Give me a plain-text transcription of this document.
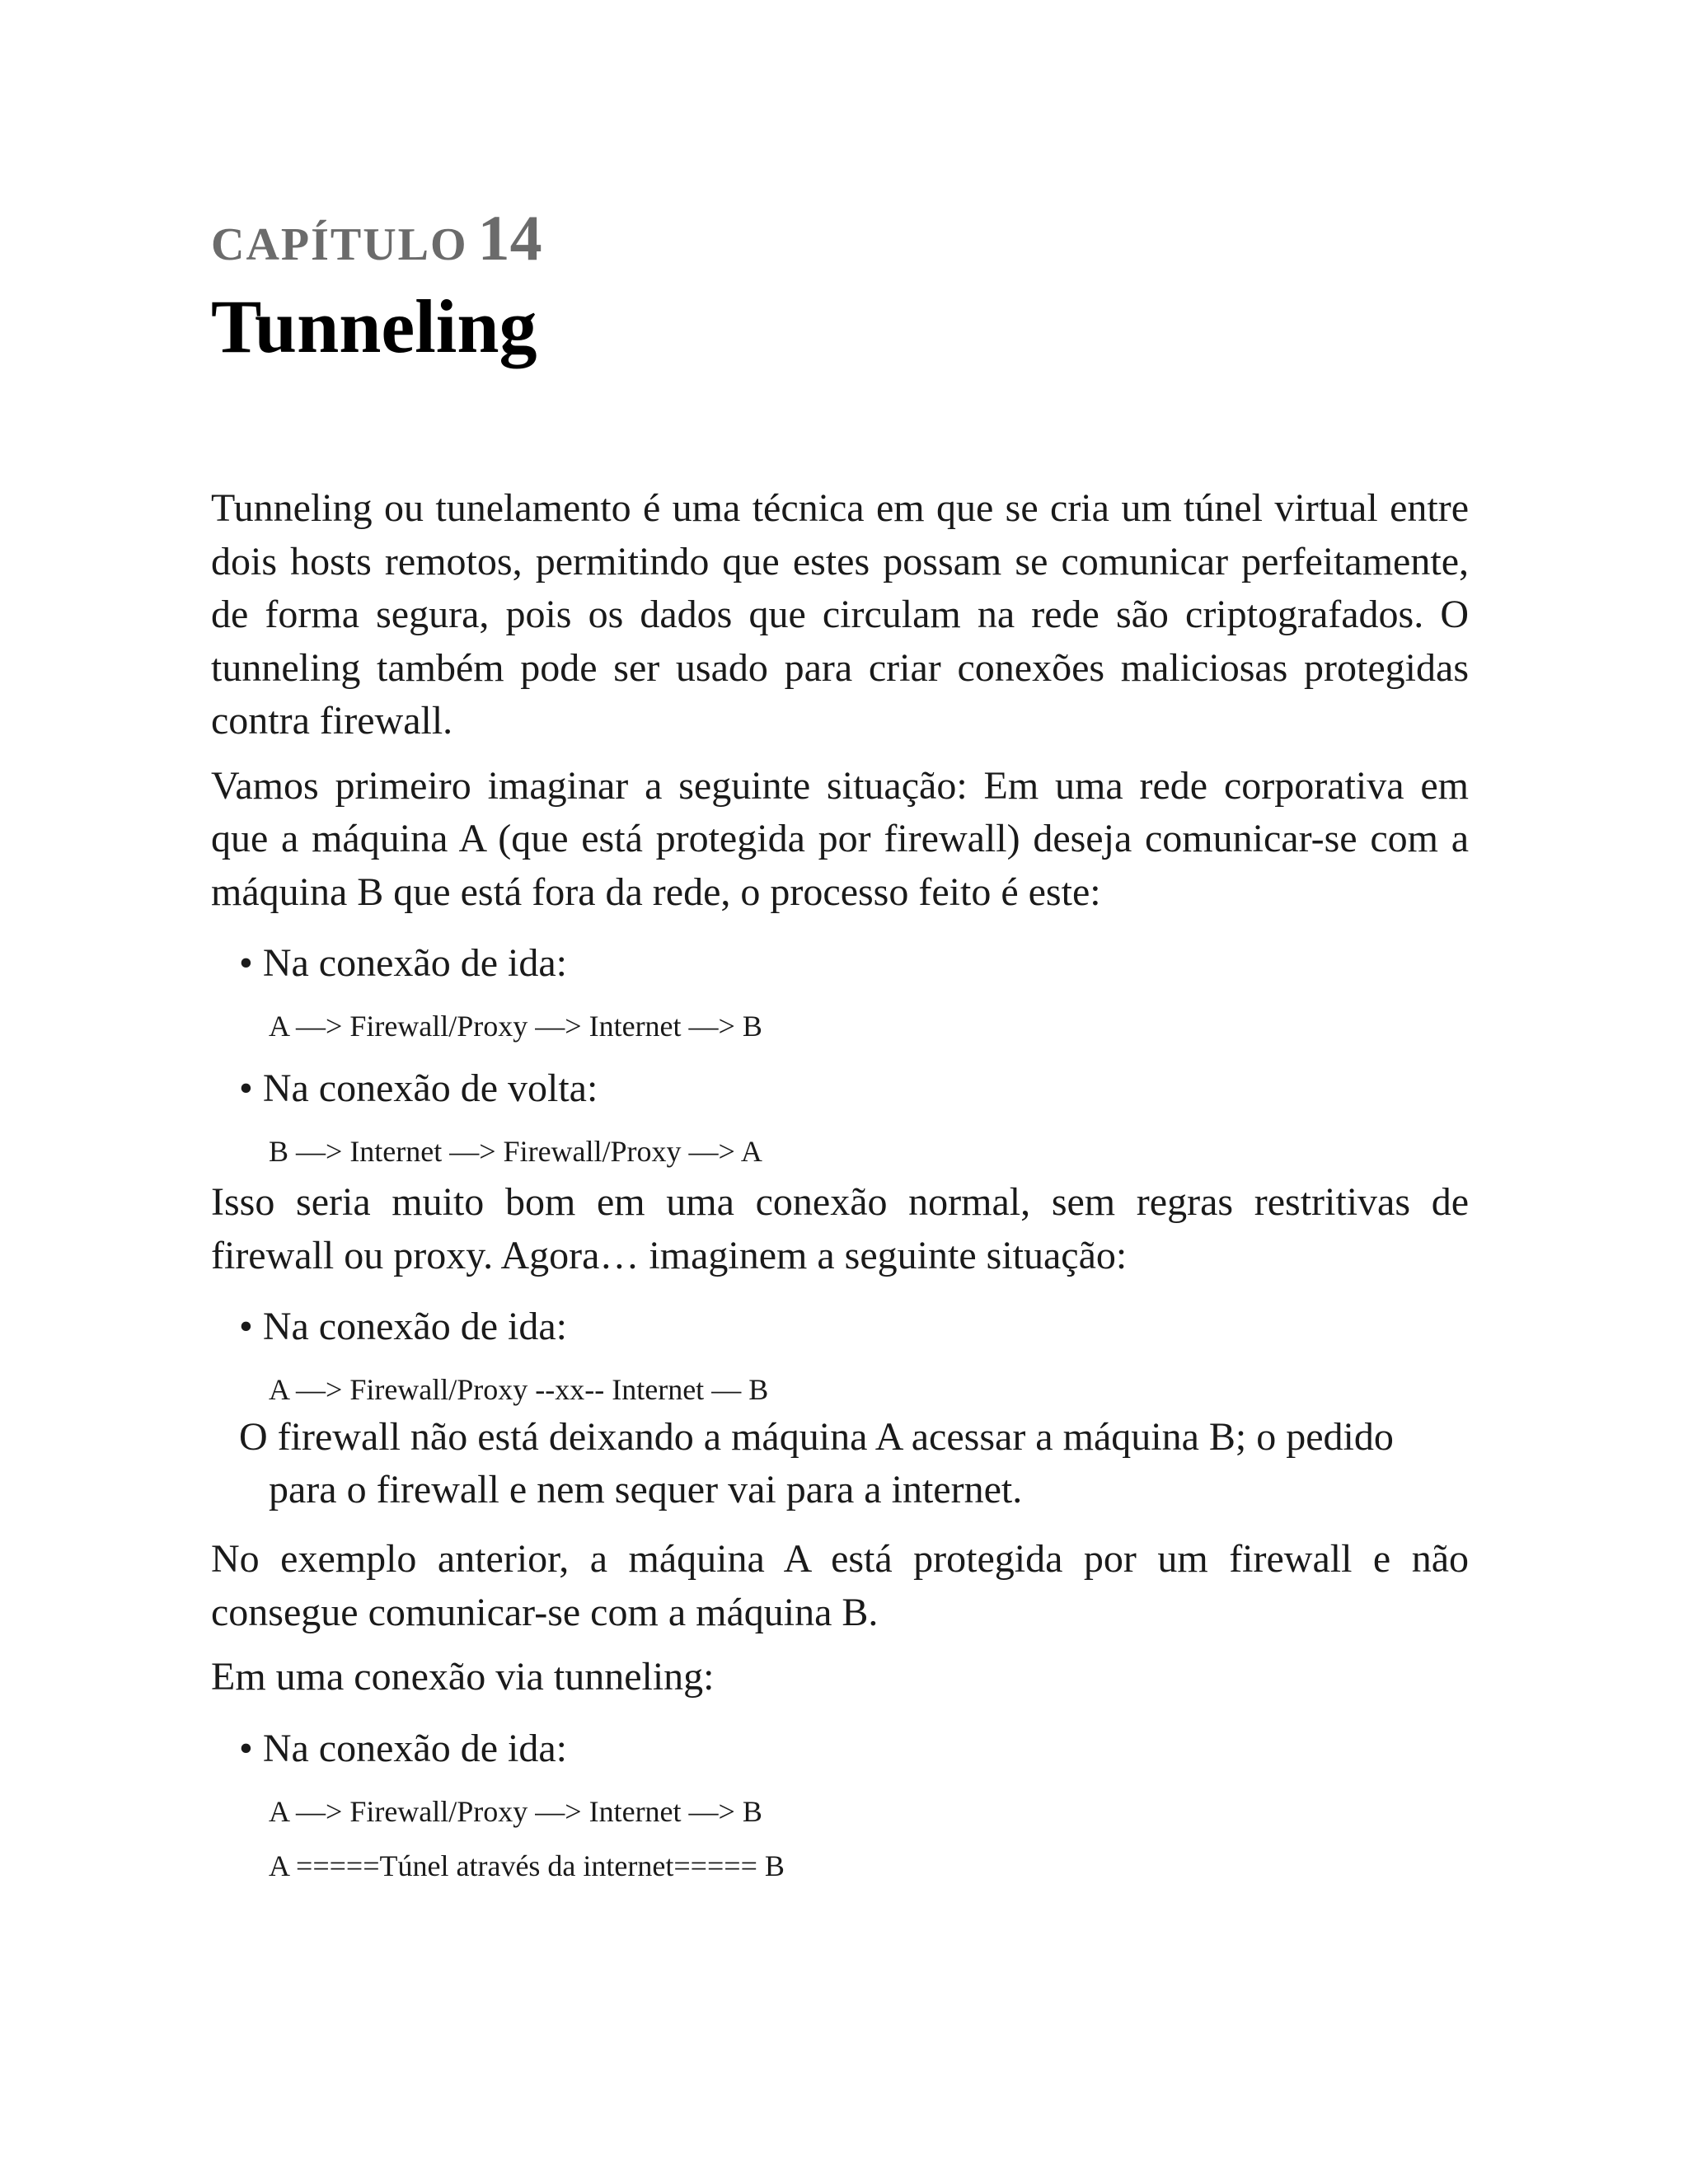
CAPÍTULO 14
Tunneling

Tunneling ou tunelamento é uma técnica em que se cria um túnel virtual entre dois hosts remotos, permitindo que estes possam se comunicar perfeitamente, de forma segura, pois os dados que circulam na rede são criptografados. O tunneling também pode ser usado para criar conexões maliciosas protegidas contra firewall.

Vamos primeiro imaginar a seguinte situação: Em uma rede corporativa em que a máquina A (que está protegida por firewall) deseja comunicar-se com a máquina B que está fora da rede, o processo feito é este:

• Na conexão de ida:
A —> Firewall/Proxy —> Internet —> B
• Na conexão de volta:
B —> Internet —> Firewall/Proxy —> A

Isso seria muito bom em uma conexão normal, sem regras restritivas de firewall ou proxy. Agora… imaginem a seguinte situação:

• Na conexão de ida:
A —> Firewall/Proxy --xx-- Internet — B

O firewall não está deixando a máquina A acessar a máquina B; o pedido para o firewall e nem sequer vai para a internet.

No exemplo anterior, a máquina A está protegida por um firewall e não consegue comunicar-se com a máquina B.

Em uma conexão via tunneling:

• Na conexão de ida:
A —> Firewall/Proxy —> Internet —> B
A =====Túnel através da internet===== B
